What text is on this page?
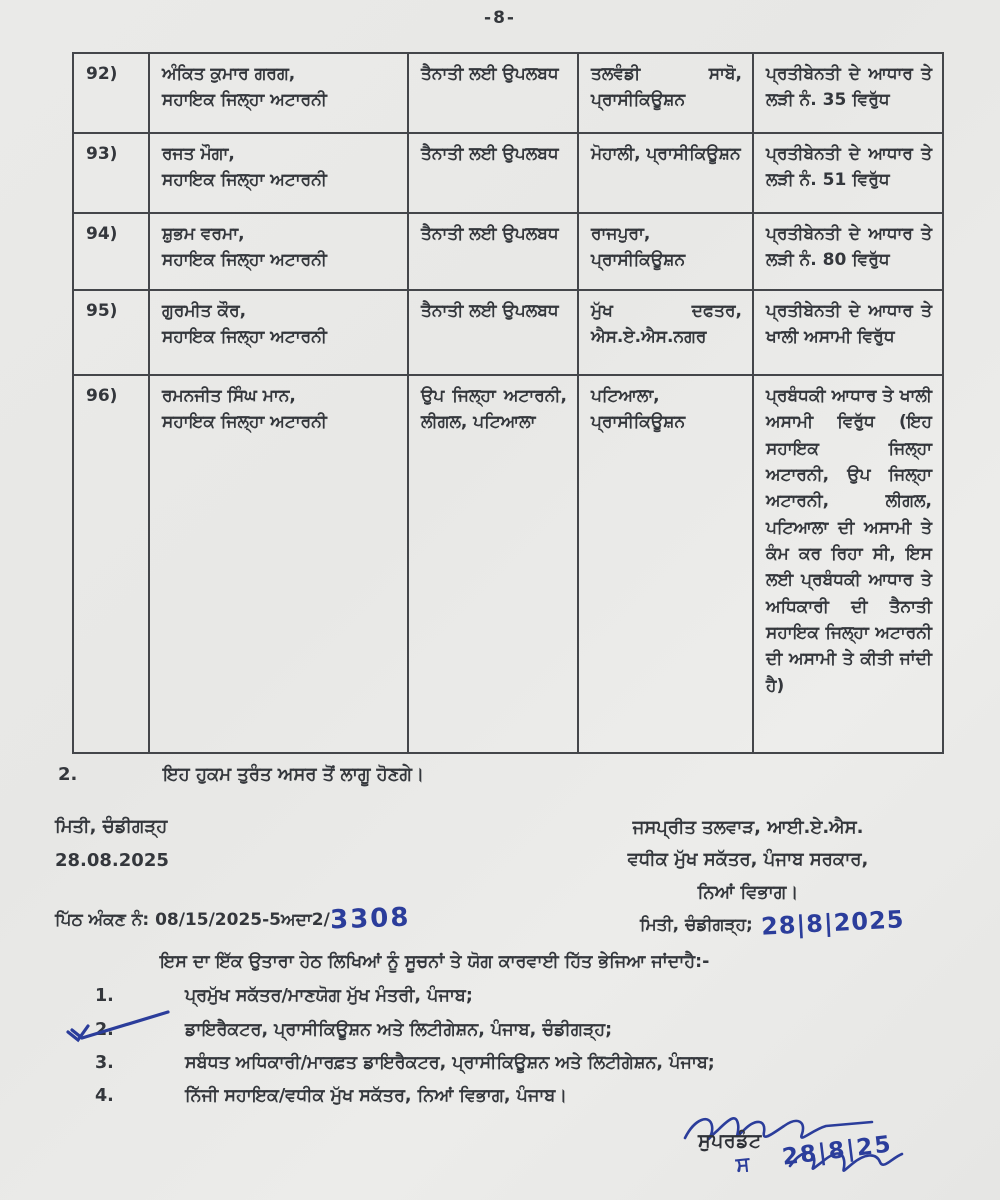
-8-
92)	ਅੰਕਿਤ ਕੁਮਾਰ ਗਰਗ,
ਸਹਾਇਕ ਜਿਲ੍ਹਾ ਅਟਾਰਨੀ	ਤੈਨਾਤੀ ਲਈ ਉਪਲਬਧ	ਤਲਵੰਡੀ ਸਾਬੋ, ਪ੍ਰਾਸੀਕਿਊਸ਼ਨ	ਪ੍ਰਤੀਬੇਨਤੀ ਦੇ ਆਧਾਰ ਤੇ ਲੜੀ ਨੰ. 35 ਵਿਰੁੱਧ

93)	ਰਜਤ ਮੌਗਾ,
ਸਹਾਇਕ ਜਿਲ੍ਹਾ ਅਟਾਰਨੀ	ਤੈਨਾਤੀ ਲਈ ਉਪਲਬਧ	ਮੋਹਾਲੀ, ਪ੍ਰਾਸੀਕਿਊਸ਼ਨ	ਪ੍ਰਤੀਬੇਨਤੀ ਦੇ ਆਧਾਰ ਤੇ ਲੜੀ ਨੰ. 51 ਵਿਰੁੱਧ

94)	ਸ਼ੁਭਮ ਵਰਮਾ,
ਸਹਾਇਕ ਜਿਲ੍ਹਾ ਅਟਾਰਨੀ	ਤੈਨਾਤੀ ਲਈ ਉਪਲਬਧ	ਰਾਜਪੁਰਾ, ਪ੍ਰਾਸੀਕਿਊਸ਼ਨ	ਪ੍ਰਤੀਬੇਨਤੀ ਦੇ ਆਧਾਰ ਤੇ ਲੜੀ ਨੰ. 80 ਵਿਰੁੱਧ

95)	ਗੁਰਮੀਤ ਕੌਰ,
ਸਹਾਇਕ ਜਿਲ੍ਹਾ ਅਟਾਰਨੀ	ਤੈਨਾਤੀ ਲਈ ਉਪਲਬਧ	ਮੁੱਖ ਦਫਤਰ, ਐਸ.ਏ.ਐਸ.ਨਗਰ	ਪ੍ਰਤੀਬੇਨਤੀ ਦੇ ਆਧਾਰ ਤੇ ਖਾਲੀ ਅਸਾਮੀ ਵਿਰੁੱਧ

96)	ਰਮਨਜੀਤ ਸਿੰਘ ਮਾਨ,
ਸਹਾਇਕ ਜਿਲ੍ਹਾ ਅਟਾਰਨੀ	ਉਪ ਜਿਲ੍ਹਾ ਅਟਾਰਨੀ, ਲੀਗਲ, ਪਟਿਆਲਾ	ਪਟਿਆਲਾ, ਪ੍ਰਾਸੀਕਿਊਸ਼ਨ	ਪ੍ਰਬੰਧਕੀ ਆਧਾਰ ਤੇ ਖਾਲੀ ਅਸਾਮੀ ਵਿਰੁੱਧ (ਇਹ ਸਹਾਇਕ ਜਿਲ੍ਹਾ ਅਟਾਰਨੀ, ਉਪ ਜਿਲ੍ਹਾ ਅਟਾਰਨੀ, ਲੀਗਲ, ਪਟਿਆਲਾ ਦੀ ਅਸਾਮੀ ਤੇ ਕੰਮ ਕਰ ਰਿਹਾ ਸੀ, ਇਸ ਲਈ ਪ੍ਰਬੰਧਕੀ ਆਧਾਰ ਤੇ ਅਧਿਕਾਰੀ ਦੀ ਤੈਨਾਤੀ ਸਹਾਇਕ ਜਿਲ੍ਹਾ ਅਟਾਰਨੀ ਦੀ ਅਸਾਮੀ ਤੇ ਕੀਤੀ ਜਾਂਦੀ ਹੈ)
2.	ਇਹ ਹੁਕਮ ਤੁਰੰਤ ਅਸਰ ਤੋਂ ਲਾਗੂ ਹੋਣਗੇ।
ਮਿਤੀ, ਚੰਡੀਗੜ੍ਹ
28.08.2025
ਜਸਪ੍ਰੀਤ ਤਲਵਾੜ, ਆਈ.ਏ.ਐਸ.
ਵਧੀਕ ਮੁੱਖ ਸਕੱਤਰ, ਪੰਜਾਬ ਸਰਕਾਰ,
ਨਿਆਂ ਵਿਭਾਗ।
ਪਿੱਠ ਅੰਕਣ ਨੰ: 08/15/2025-5ਅਦਾ2/3308	ਮਿਤੀ, ਚੰਡੀਗੜ੍ਹ; 28|8|2025
ਇਸ ਦਾ ਇੱਕ ਉਤਾਰਾ ਹੇਠ ਲਿਖਿਆਂ ਨੂੰ ਸੂਚਨਾਂ ਤੇ ਯੋਗ ਕਾਰਵਾਈ ਹਿੱਤ ਭੇਜਿਆ ਜਾਂਦਾਹੈ:-
1.	ਪ੍ਰਮੁੱਖ ਸਕੱਤਰ/ਮਾਣਯੋਗ ਮੁੱਖ ਮੰਤਰੀ, ਪੰਜਾਬ;
2.	ਡਾਇਰੈਕਟਰ, ਪ੍ਰਾਸੀਕਿਊਸ਼ਨ ਅਤੇ ਲਿਟੀਗੇਸ਼ਨ, ਪੰਜਾਬ, ਚੰਡੀਗੜ੍ਹ;
3.	ਸਬੰਧਤ ਅਧਿਕਾਰੀ/ਮਾਰਫ਼ਤ ਡਾਇਰੈਕਟਰ, ਪ੍ਰਾਸੀਕਿਊਸ਼ਨ ਅਤੇ ਲਿਟੀਗੇਸ਼ਨ, ਪੰਜਾਬ;
4.	ਨਿੱਜੀ ਸਹਾਇਕ/ਵਧੀਕ ਮੁੱਖ ਸਕੱਤਰ, ਨਿਆਂ ਵਿਭਾਗ, ਪੰਜਾਬ।
ਸੁਪਰਡੰਟ
ਸ 28|8|25
